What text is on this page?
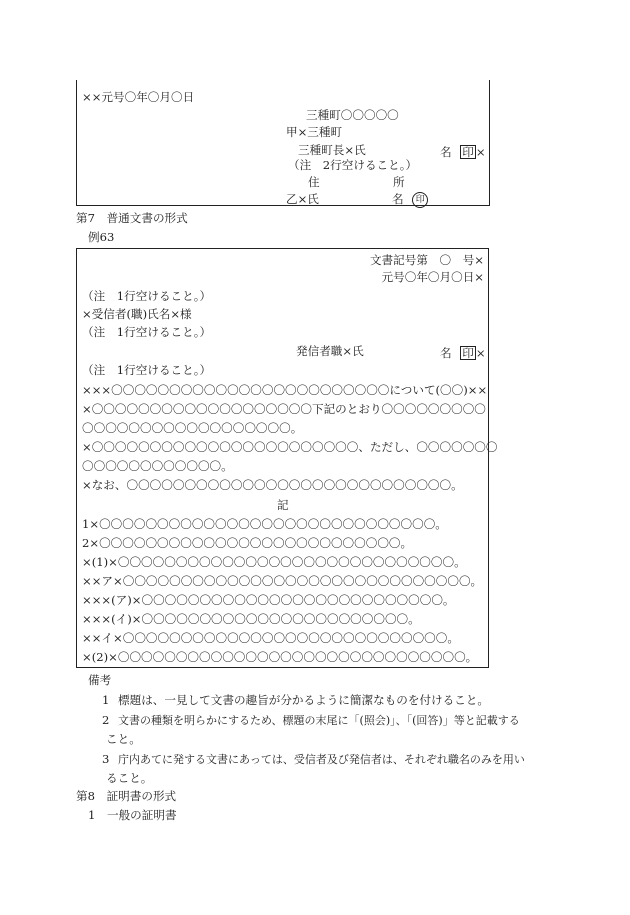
××元号〇年〇月〇日
三種町〇〇〇〇〇
甲×三種町
三種町長×氏	名 印 ×
（注　2行空けること。）
住	所
乙×氏	名 印
第7　普通文書の形式
例63
文書記号第　〇　号×
元号〇年〇月〇日×
（注　1行空けること。）
×受信者(職)氏名×様
（注　1行空けること。）
発信者職×氏	名 印 ×
（注　1行空けること。）
×××〇〇〇〇〇〇〇〇〇〇〇〇〇〇〇〇〇〇〇〇〇〇〇〇について(〇〇)××
×〇〇〇〇〇〇〇〇〇〇〇〇〇〇〇〇〇〇〇下記のとおり〇〇〇〇〇〇〇〇〇
〇〇〇〇〇〇〇〇〇〇〇〇〇〇〇〇〇〇。
×〇〇〇〇〇〇〇〇〇〇〇〇〇〇〇〇〇〇〇〇〇〇〇、ただし、〇〇〇〇〇〇〇
〇〇〇〇〇〇〇〇〇〇〇〇。
×なお、〇〇〇〇〇〇〇〇〇〇〇〇〇〇〇〇〇〇〇〇〇〇〇〇〇〇〇〇。
記
1×〇〇〇〇〇〇〇〇〇〇〇〇〇〇〇〇〇〇〇〇〇〇〇〇〇〇〇〇〇。
2×〇〇〇〇〇〇〇〇〇〇〇〇〇〇〇〇〇〇〇〇〇〇〇〇〇〇。
×(1)×〇〇〇〇〇〇〇〇〇〇〇〇〇〇〇〇〇〇〇〇〇〇〇〇〇〇〇〇〇。
××ア×〇〇〇〇〇〇〇〇〇〇〇〇〇〇〇〇〇〇〇〇〇〇〇〇〇〇〇〇〇〇。
×××(ア)×〇〇〇〇〇〇〇〇〇〇〇〇〇〇〇〇〇〇〇〇〇〇〇〇〇〇。
×××(イ)×〇〇〇〇〇〇〇〇〇〇〇〇〇〇〇〇〇〇〇〇〇〇〇。
××イ×〇〇〇〇〇〇〇〇〇〇〇〇〇〇〇〇〇〇〇〇〇〇〇〇〇〇〇〇。
×(2)×〇〇〇〇〇〇〇〇〇〇〇〇〇〇〇〇〇〇〇〇〇〇〇〇〇〇〇〇〇〇。
備考
1 標題は、一見して文書の趣旨が分かるように簡潔なものを付けること。
2 文書の種類を明らかにするため、標題の末尾に「(照会)」、「(回答)」等と記載する
こと。
3 庁内あてに発する文書にあっては、受信者及び発信者は、それぞれ職名のみを用い
ること。
第8　証明書の形式
1　一般の証明書
